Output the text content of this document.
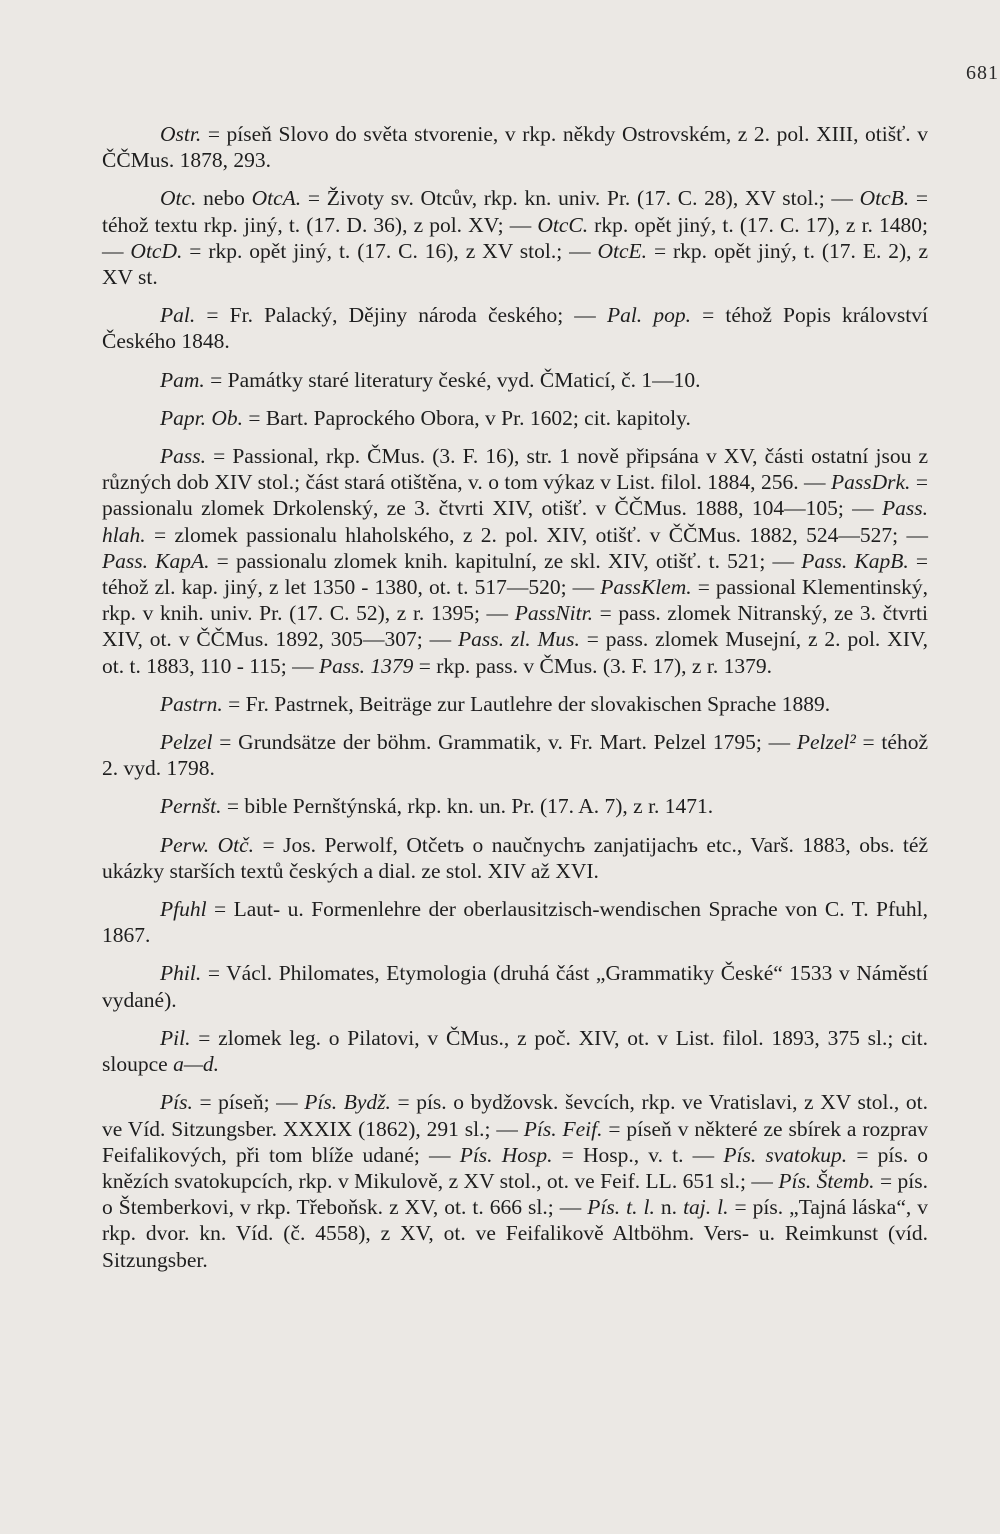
681

Ostr. = píseň Slovo do světa stvorenie, v rkp. někdy Ostrovském, z 2. pol. XIII, otišť. v ČČMus. 1878, 293.

Otc. nebo OtcA. = Životy sv. Otcův, rkp. kn. univ. Pr. (17. C. 28), XV stol.; — OtcB. = téhož textu rkp. jiný, t. (17. D. 36), z pol. XV; — OtcC. rkp. opět jiný, t. (17. C. 17), z r. 1480; — OtcD. = rkp. opět jiný, t. (17. C. 16), z XV stol.; — OtcE. = rkp. opět jiný, t. (17. E. 2), z XV st.

Pal. = Fr. Palacký, Dějiny národa českého; — Pal. pop. = téhož Popis království Českého 1848.

Pam. = Památky staré literatury české, vyd. ČMaticí, č. 1—10.

Papr. Ob. = Bart. Paprockého Obora, v Pr. 1602; cit. kapitoly.

Pass. = Passional, rkp. ČMus. (3. F. 16), str. 1 nově připsána v XV, části ostatní jsou z různých dob XIV stol.; část stará otištěna, v. o tom výkaz v List. filol. 1884, 256. — PassDrk. = passionalu zlomek Drkolenský, ze 3. čtvrti XIV, otišť. v ČČMus. 1888, 104—105; — Pass. hlah. = zlomek passionalu hlaholského, z 2. pol. XIV, otišť. v ČČMus. 1882, 524—527; — Pass. KapA. = passionalu zlomek knih. kapitulní, ze skl. XIV, otišť. t. 521; — Pass. KapB. = téhož zl. kap. jiný, z let 1350 - 1380, ot. t. 517—520; — PassKlem. = passional Klementinský, rkp. v knih. univ. Pr. (17. C. 52), z r. 1395; — PassNitr. = pass. zlomek Nitranský, ze 3. čtvrti XIV, ot. v ČČMus. 1892, 305—307; — Pass. zl. Mus. = pass. zlomek Musejní, z 2. pol. XIV, ot. t. 1883, 110 - 115; — Pass. 1379 = rkp. pass. v ČMus. (3. F. 17), z r. 1379.

Pastrn. = Fr. Pastrnek, Beiträge zur Lautlehre der slovakischen Sprache 1889.

Pelzel = Grundsätze der böhm. Grammatik, v. Fr. Mart. Pelzel 1795; — Pelzel² = téhož 2. vyd. 1798.

Pernšt. = bible Pernštýnská, rkp. kn. un. Pr. (17. A. 7), z r. 1471.

Perw. Otč. = Jos. Perwolf, Otčetъ o naučnychъ zanjatijachъ etc., Varš. 1883, obs. též ukázky starších textů českých a dial. ze stol. XIV až XVI.

Pfuhl = Laut- u. Formenlehre der oberlausitzisch-wendischen Sprache von C. T. Pfuhl, 1867.

Phil. = Václ. Philomates, Etymologia (druhá část „Grammatiky České“ 1533 v Náměstí vydané).

Pil. = zlomek leg. o Pilatovi, v ČMus., z poč. XIV, ot. v List. filol. 1893, 375 sl.; cit. sloupce a—d.

Pís. = píseň; — Pís. Bydž. = pís. o bydžovsk. ševcích, rkp. ve Vratislavi, z XV stol., ot. ve Víd. Sitzungsber. XXXIX (1862), 291 sl.; — Pís. Feif. = píseň v některé ze sbírek a rozprav Feifalikových, při tom blíže udané; — Pís. Hosp. = Hosp., v. t. — Pís. svatokup. = pís. o knězích svatokupcích, rkp. v Mikulově, z XV stol., ot. ve Feif. LL. 651 sl.; — Pís. Štemb. = pís. o Štemberkovi, v rkp. Třeboňsk. z XV, ot. t. 666 sl.; — Pís. t. l. n. taj. l. = pís. „Tajná láska“, v rkp. dvor. kn. Víd. (č. 4558), z XV, ot. ve Feifalikově Altböhm. Vers- u. Reimkunst (víd. Sitzungsber.
